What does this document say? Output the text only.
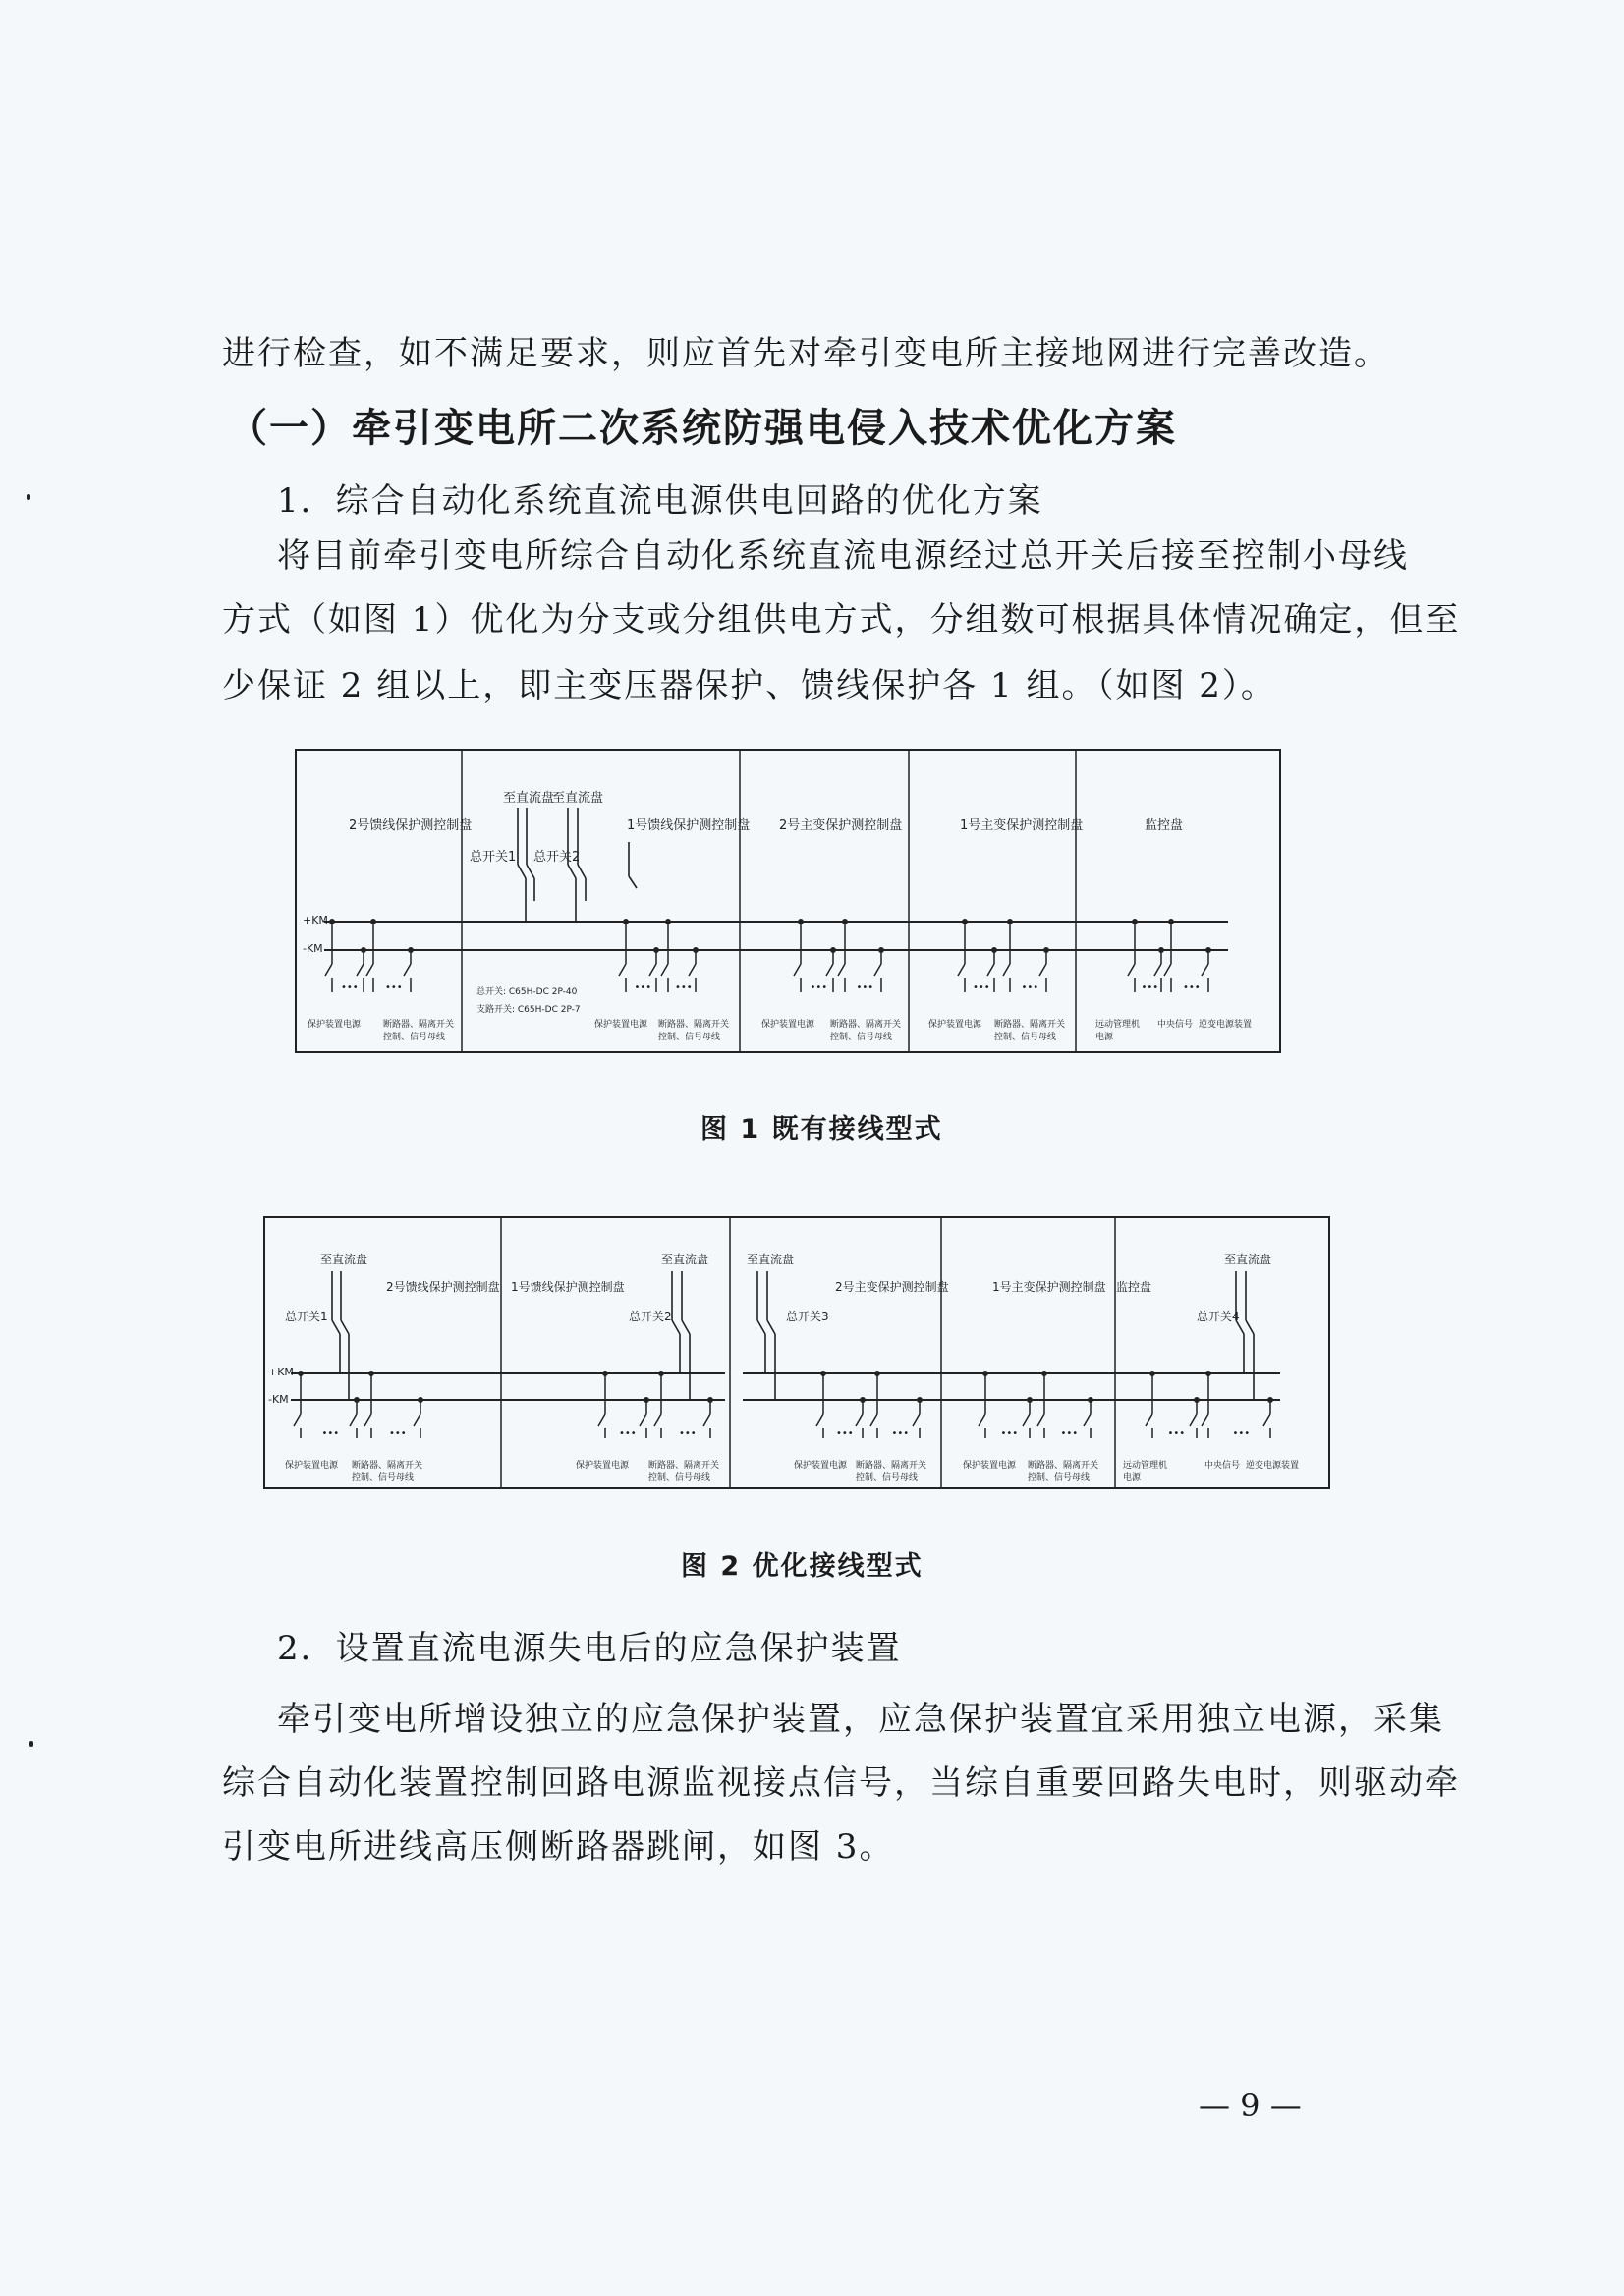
进行检查，如不满足要求，则应首先对牵引变电所主接地网进行完善改造。
（一）牵引变电所二次系统防强电侵入技术优化方案
1．综合自动化系统直流电源供电回路的优化方案
将目前牵引变电所综合自动化系统直流电源经过总开关后接至控制小母线
方式（如图 1）优化为分支或分组供电方式，分组数可根据具体情况确定，但至
少保证 2 组以上，即主变压器保护、馈线保护各 1 组。（如图 2）。
2号馈线保护测控制盘	1号馈线保护测控制盘 2号主变保护测控制盘	1号主变保护测控制盘	监控盘
至直流盘
至直流盘
总开关1 总开关2
+KM
-KM
保护装置电源	断路器、隔离开关
控制、信号母线
总开关: C65H-DC 2P-40
支路开关: C65H-DC 2P-7
保护装置电源 断路器、隔离开关
控制、信号母线
保护装置电源 断路器、隔离开关
控制、信号母线
保护装置电源 断路器、隔离开关
控制、信号母线
远动管理机
电源
中央信号 逆变电源装置
•••	•••	••• •••	•••	•••	•••	•••	••• •••
图 1 既有接线型式
2号馈线保护测控制盘 1号馈线保护测控制盘	2号主变保护测控制盘	1号主变保护测控制盘 监控盘
至直流盘	至直流盘	至直流盘	至直流盘
总开关1	总开关2	总开关3	总开关4
+KM
-KM
保护装置电源 断路器、隔离开关
控制、信号母线
保护装置电源 断路器、隔离开关
控制、信号母线
保护装置电源 断路器、隔离开关
控制、信号母线
保护装置电源 断路器、隔离开关
控制、信号母线
远动管理机
电源
中央信号 逆变电源装置
•••	•••	•••	•••	•••	•••	•••	•••	•••	•••
图 2 优化接线型式
2．设置直流电源失电后的应急保护装置
牵引变电所增设独立的应急保护装置，应急保护装置宜采用独立电源，采集
综合自动化装置控制回路电源监视接点信号，当综自重要回路失电时，则驱动牵
引变电所进线高压侧断路器跳闸，如图 3。
— 9 —
